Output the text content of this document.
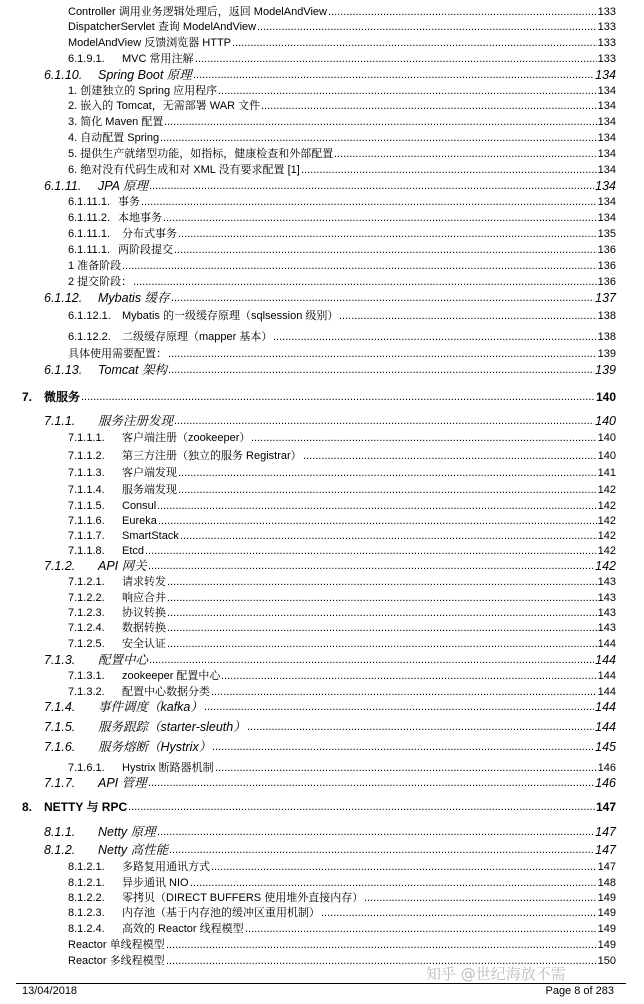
Controller 调用业务逻辑处理后，返回 ModelAndView .....	133
DispatcherServlet 查询 ModelAndView .....	133
ModelAndView 反馈浏览器 HTTP .....	133
6.1.9.1. MVC 常用注解 .....	133
6.1.10. Spring Boot 原理 .....	134
1. 创建独立的 Spring 应用程序 .....	134
2. 嵌入的 Tomcat，无需部署 WAR 文件 .....	134
3. 简化 Maven 配置 .....	134
4. 自动配置 Spring .....	134
5. 提供生产就绪型功能，如指标，健康检查和外部配置 .....	134
6. 绝对没有代码生成和对 XML 没有要求配置 [1] .....	134
6.1.11. JPA 原理 .....	134
6.1.11.1. 事务 .....	134
6.1.11.2. 本地事务 .....	134
6.1.11.1. 分布式事务 .....	135
6.1.11.1. 两阶段提交 .....	136
1 准备阶段 .....	136
2 提交阶段： .....	136
6.1.12. Mybatis 缓存 .....	137
6.1.12.1. Mybatis 的一级缓存原理（sqlsession 级别） .....	138
6.1.12.2. 二级缓存原理（mapper 基本） .....	138
具体使用需要配置： .....	139
6.1.13. Tomcat 架构 .....	139
7. 微服务 .....	140
7.1.1. 服务注册发现 .....	140
7.1.1.1. 客户端注册（zookeeper） .....	140
7.1.1.2. 第三方注册（独立的服务 Registrar） .....	140
7.1.1.3. 客户端发现 .....	141
7.1.1.4. 服务端发现 .....	142
7.1.1.5. Consul .....	142
7.1.1.6. Eureka .....	142
7.1.1.7. SmartStack .....	142
7.1.1.8. Etcd .....	142
7.1.2. API 网关 .....	142
7.1.2.1. 请求转发 .....	143
7.1.2.2. 响应合并 .....	143
7.1.2.3. 协议转换 .....	143
7.1.2.4. 数据转换 .....	143
7.1.2.5. 安全认证 .....	144
7.1.3. 配置中心 .....	144
7.1.3.1. zookeeper 配置中心 .....	144
7.1.3.2. 配置中心数据分类 .....	144
7.1.4. 事件调度（kafka） .....	144
7.1.5. 服务跟踪（starter-sleuth） .....	144
7.1.6. 服务熔断（Hystrix） .....	145
7.1.6.1. Hystrix 断路器机制 .....	146
7.1.7. API 管理 .....	146
8. NETTY 与 RPC .....	147
8.1.1. Netty 原理 .....	147
8.1.2. Netty 高性能 .....	147
8.1.2.1. 多路复用通讯方式 .....	147
8.1.2.1. 异步通讯 NIO .....	148
8.1.2.2. 零拷贝（DIRECT BUFFERS 使用堆外直接内存） .....	149
8.1.2.3. 内存池（基于内存池的缓冲区重用机制） .....	149
8.1.2.4. 高效的 Reactor 线程模型 .....	149
Reactor 单线程模型 .....	149
Reactor 多线程模型 .....	150
13/04/2018	Page 8 of 283
知乎 @世纪海放不需
